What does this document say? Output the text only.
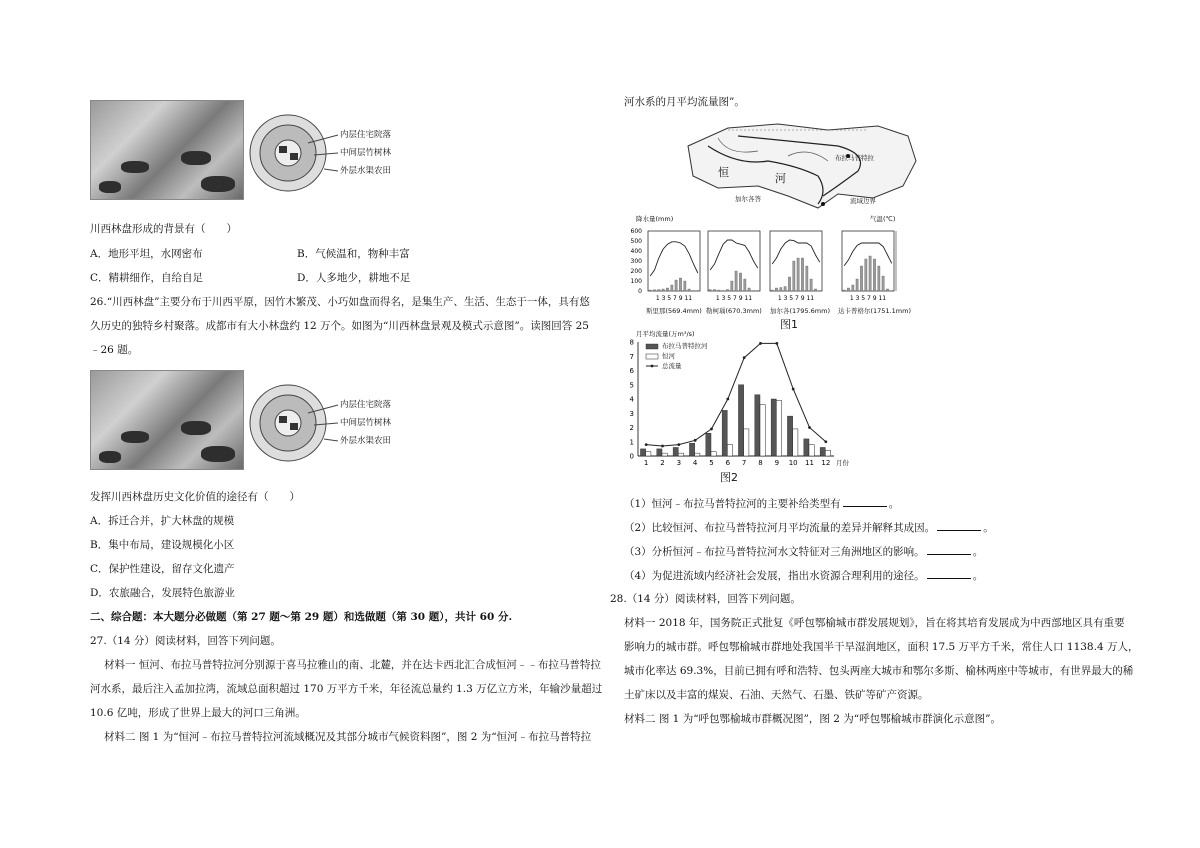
内层住宅院落
中间层竹树林
外层水渠农田
川西林盘形成的背景有（　　）
A．地形平坦，水网密布	B．气候温和，物种丰富
C．精耕细作，自给自足	D．人多地少，耕地不足
26.“川西林盘”主要分布于川西平原，因竹木繁茂、小巧如盘而得名，是集生产、生活、生态于一体，具有悠
久历史的独特乡村聚落。成都市有大小林盘约 12 万个。如图为“川西林盘景观及模式示意图”。读图回答 25
﹣26 题。
内层住宅院落
中间层竹树林
外层水渠农田
发挥川西林盘历史文化价值的途径有（　　）
A．拆迁合并，扩大林盘的规模
B．集中布局，建设规模化小区
C．保护性建设，留存文化遗产
D．农旅融合，发展特色旅游业
二、综合题：本大题分必做题（第 27 题～第 29 题）和选做题（第 30 题），共计 60 分.
27.（14 分）阅读材料，回答下列问题。
材料一 恒河、布拉马普特拉河分别源于喜马拉雅山的南、北麓，并在达卡西北汇合成恒河﹣﹣布拉马普特拉
河水系，最后注入孟加拉湾，流域总面积超过 170 万平方千米，年径流总量约 1.3 万亿立方米，年输沙量超过
10.6 亿吨，形成了世界上最大的河口三角洲。
材料二 图 1 为“恒河﹣布拉马普特拉河流域概况及其部分城市气候资料图”，图 2 为“恒河﹣布拉马普特拉
河水系的月平均流量图”。
布拉马普特拉
恒	河
加尔各答	流域边界
降水量(mm)	气温(℃)
600
500
400
300
200
100
0
1 3 5 7 9 11	1 3 5 7 9 11	1 3 5 7 9 11	1 3 5 7 9 11
斯里那(569.4mm) 勒柯瑙(670.3mm) 加尔各(1795.6mm) 达卡普格尔(1751.1mm)
图1
月平均流量(万m³/s)
0
1
2
3
4
5
6
7
8
1 2 3 4 5 6 7 8 9 10 11 12
布拉马普特拉河
恒河
总流量
月份
图2
（1）恒河﹣布拉马普特拉河的主要补给类型有	。
（2）比较恒河、布拉马普特拉河月平均流量的差异并解释其成因。	。
（3）分析恒河﹣布拉马普特拉河水文特征对三角洲地区的影响。	。
（4）为促进流域内经济社会发展，指出水资源合理利用的途径。	。
28.（14 分）阅读材料，回答下列问题。
材料一 2018 年，国务院正式批复《呼包鄂榆城市群发展规划》，旨在将其培育发展成为中西部地区具有重要
影响力的城市群。呼包鄂榆城市群地处我国半干旱湿润地区，面积 17.5 万平方千米，常住人口 1138.4 万人，
城市化率达 69.3%，目前已拥有呼和浩特、包头两座大城市和鄂尔多斯、榆林两座中等城市，有世界最大的稀
土矿床以及丰富的煤炭、石油、天然气、石墨、铁矿等矿产资源。
材料二 图 1 为“呼包鄂榆城市群概况图”，图 2 为“呼包鄂榆城市群演化示意图”。
